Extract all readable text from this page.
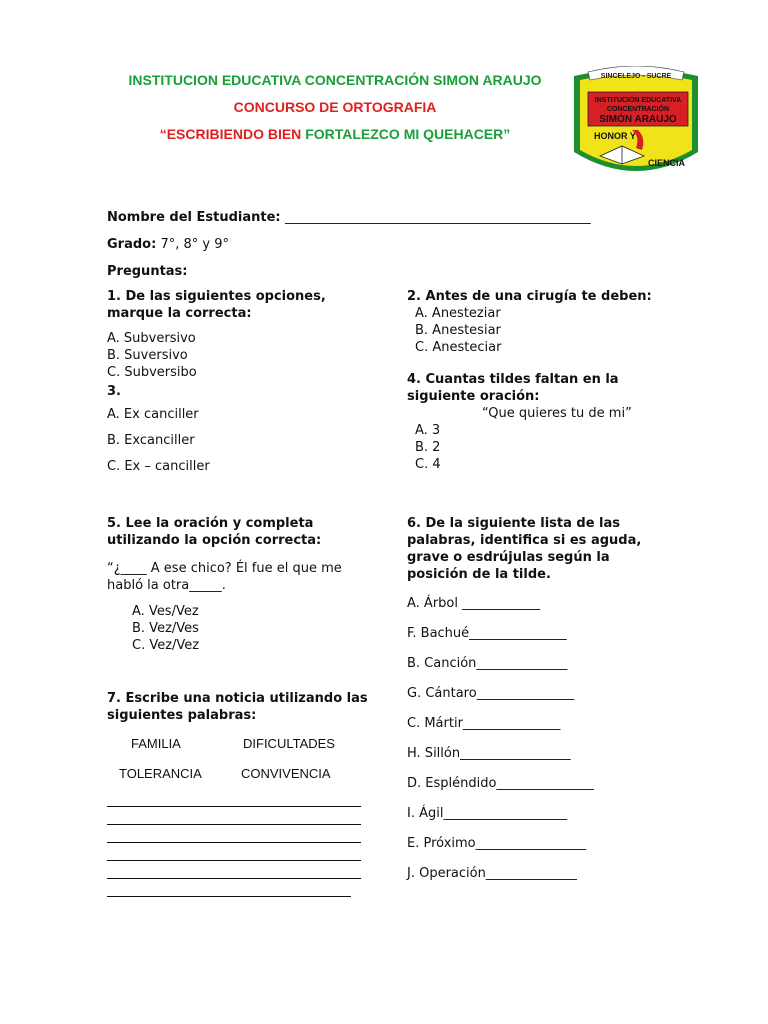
INSTITUCION EDUCATIVA CONCENTRACIÓN SIMON ARAUJO
CONCURSO DE ORTOGRAFIA
“ESCRIBIENDO BIEN FORTALEZCO MI QUEHACER”
SINCELEJO - SUCRE
INSTITUCIÓN EDUCATIVA
CONCENTRACIÓN
SIMÓN ARAUJO
HONOR Y
CIENCIA
Nombre del Estudiante: _______________________________________________
Grado: 7°, 8° y 9°
Preguntas:
1. De las siguientes opciones,
marque la correcta:
A. Subversivo
B. Suversivo
C. Subversibo
3.
A. Ex canciller
B. Excanciller
C. Ex – canciller
2. Antes de una cirugía te deben:
A. Anesteziar
B. Anestesiar
C. Anesteciar
4. Cuantas tildes faltan en la
siguiente oración:
“Que quieres tu de mi”
A. 3
B. 2
C. 4
5. Lee la oración y completa
utilizando la opción correcta:
“¿____ A ese chico? Él fue el que me
habló la otra_____.
A. Ves/Vez
B. Vez/Ves
C. Vez/Vez
6. De la siguiente lista de las
palabras, identifica si es aguda,
grave o esdrújulas según la
posición de la tilde.
A. Árbol ____________
F. Bachué_______________
B. Canción______________
G. Cántaro_______________
C. Mártir_______________
H. Sillón_________________
D. Espléndido_______________
I. Ágil___________________
E. Próximo_________________
J. Operación______________
7. Escribe una noticia utilizando las
siguientes palabras:
FAMILIA	DIFICULTADES
TOLERANCIA	CONVIVENCIA
